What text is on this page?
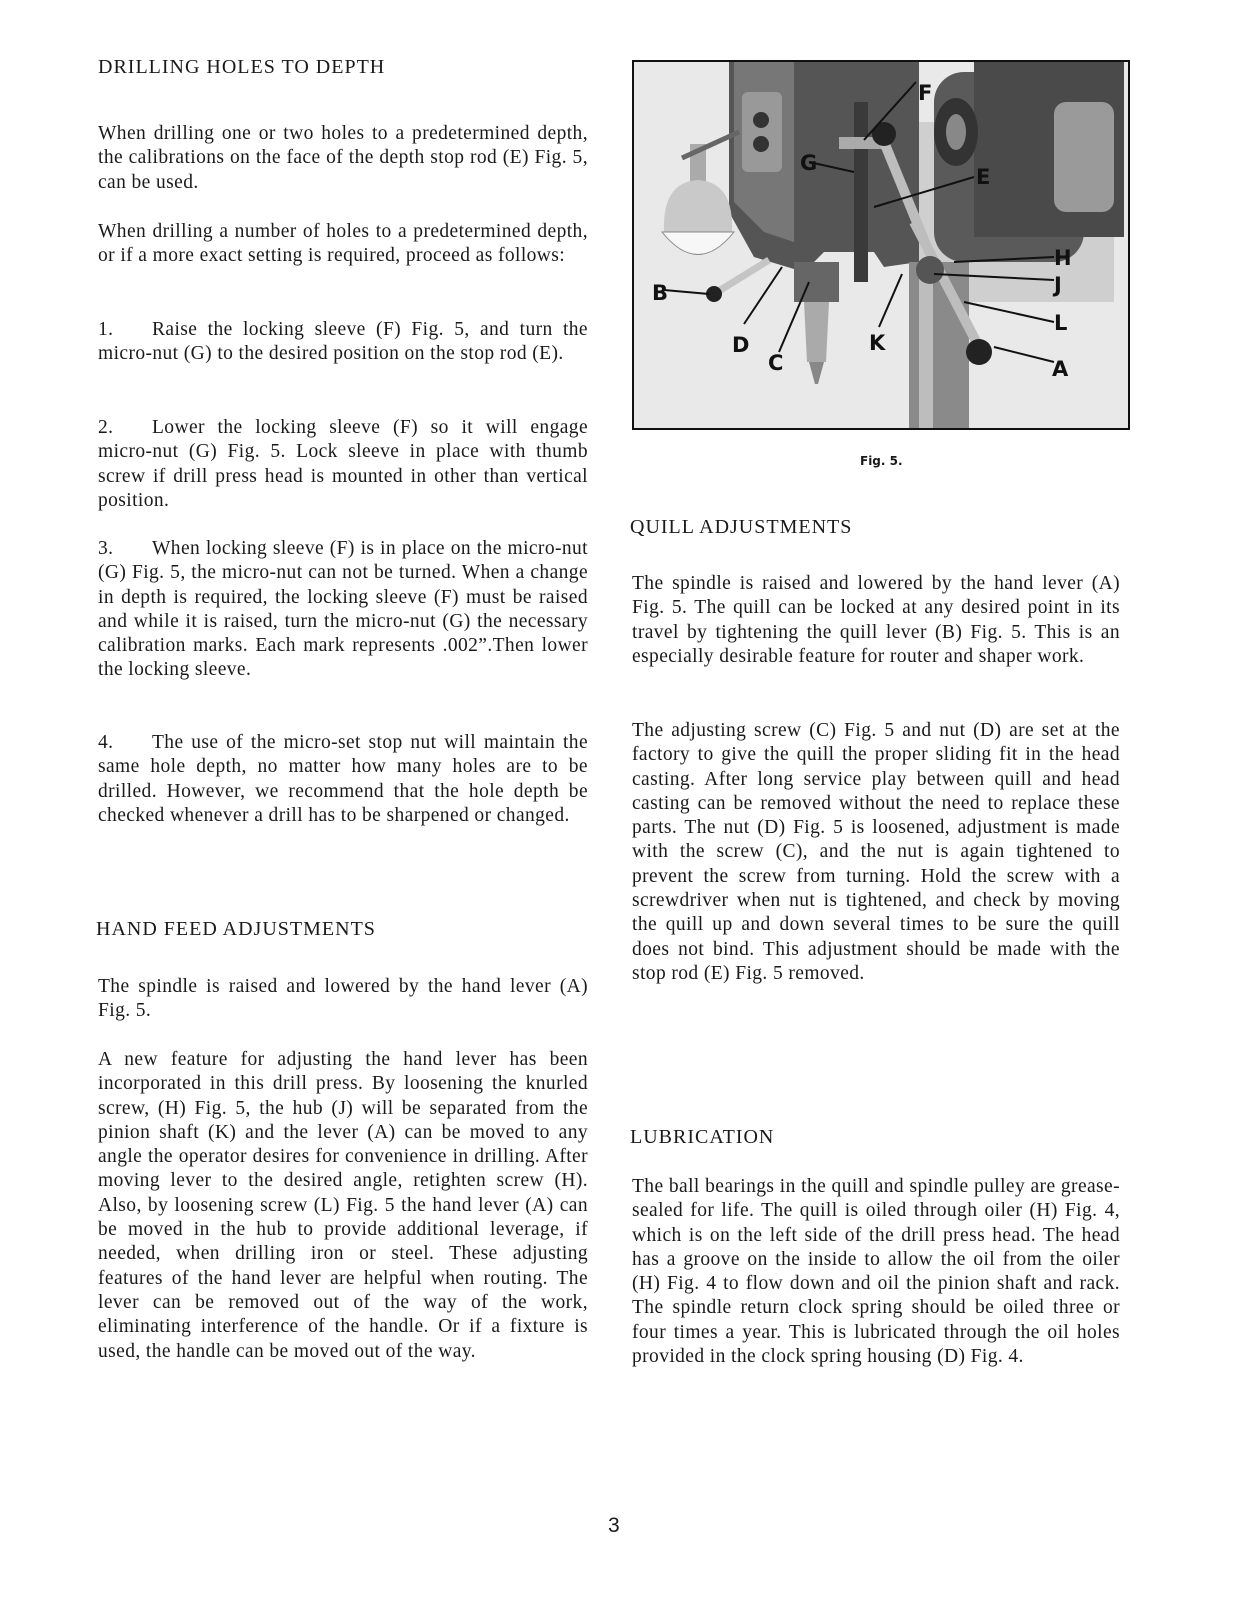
DRILLING HOLES TO DEPTH

When drilling one or two holes to a predetermined depth, the calibrations on the face of the depth stop rod (E) Fig. 5, can be used.

When drilling a number of holes to a predetermined depth, or if a more exact setting is required, proceed as follows:

1. Raise the locking sleeve (F) Fig. 5, and turn the micro-nut (G) to the desired position on the stop rod (E).

2. Lower the locking sleeve (F) so it will engage micro-nut (G) Fig. 5. Lock sleeve in place with thumb screw if drill press head is mounted in other than vertical position.

3. When locking sleeve (F) is in place on the micro-nut (G) Fig. 5, the micro-nut can not be turned. When a change in depth is required, the locking sleeve (F) must be raised and while it is raised, turn the micro-nut (G) the necessary calibration marks. Each mark represents .002”.Then lower the locking sleeve.

4. The use of the micro-set stop nut will maintain the same hole depth, no matter how many holes are to be drilled. However, we recommend that the hole depth be checked whenever a drill has to be sharpened or changed.

HAND FEED ADJUSTMENTS

The spindle is raised and lowered by the hand lever (A) Fig. 5.

A new feature for adjusting the hand lever has been incorporated in this drill press. By loosening the knurled screw, (H) Fig. 5, the hub (J) will be separated from the pinion shaft (K) and the lever (A) can be moved to any angle the operator desires for convenience in drilling. After moving lever to the desired angle, retighten screw (H). Also, by loosening screw (L) Fig. 5 the hand lever (A) can be moved in the hub to provide additional leverage, if needed, when drilling iron or steel. These adjusting features of the hand lever are helpful when routing. The lever can be removed out of the way of the work, eliminating interference of the handle. Or if a fixture is used, the handle can be moved out of the way.

F
G
E
H
J
L
A
B
D
C
K
Fig. 5.
QUILL ADJUSTMENTS

The spindle is raised and lowered by the hand lever (A) Fig. 5. The quill can be locked at any desired point in its travel by tightening the quill lever (B) Fig. 5. This is an especially desirable feature for router and shaper work.

The adjusting screw (C) Fig. 5 and nut (D) are set at the factory to give the quill the proper sliding fit in the head casting. After long service play between quill and head casting can be removed without the need to replace these parts. The nut (D) Fig. 5 is loosened, adjustment is made with the screw (C), and the nut is again tightened to prevent the screw from turning. Hold the screw with a screwdriver when nut is tightened, and check by moving the quill up and down several times to be sure the quill does not bind. This adjustment should be made with the stop rod (E) Fig. 5 removed.

LUBRICATION

The ball bearings in the quill and spindle pulley are grease-sealed for life. The quill is oiled through oiler (H) Fig. 4, which is on the left side of the drill press head. The head has a groove on the inside to allow the oil from the oiler (H) Fig. 4 to flow down and oil the pinion shaft and rack. The spindle return clock spring should be oiled three or four times a year. This is lubricated through the oil holes provided in the clock spring housing (D) Fig. 4.

3
